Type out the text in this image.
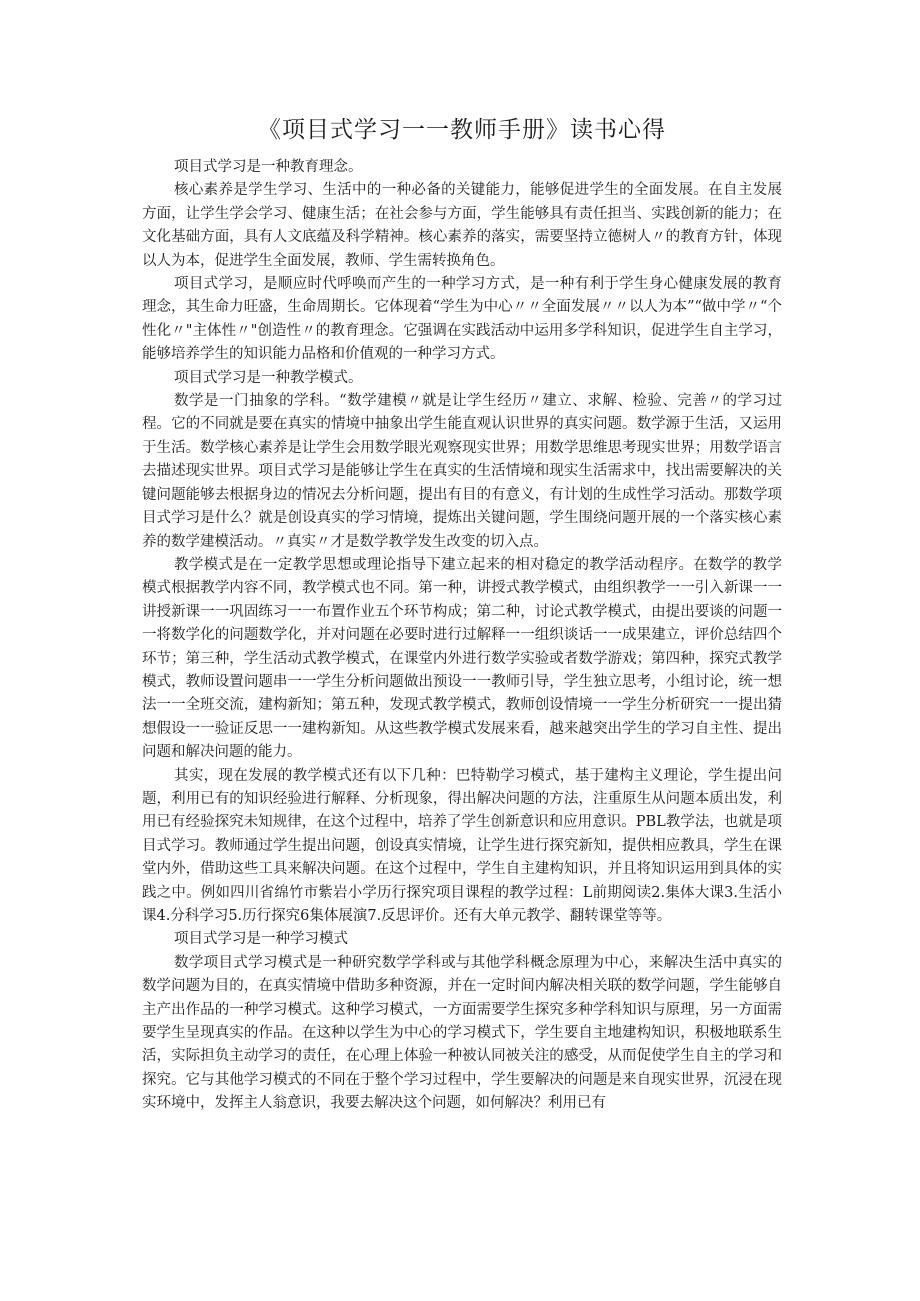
《项目式学习一一教师手册》读书心得

项目式学习是一种教育理念。

核心素养是学生学习、生活中的一种必备的关键能力，能够促进学生的全面发展。在自主发展方面，让学生学会学习、健康生活；在社会参与方面，学生能够具有责任担当、实践创新的能力；在文化基础方面，具有人文底蕴及科学精神。核心素养的落实，需要坚持立德树人〃的教育方针，体现以人为本，促进学生全面发展，教师、学生需转换角色。

项目式学习，是顺应时代呼唤而产生的一种学习方式，是一种有利于学生身心健康发展的教育理念，其生命力旺盛，生命周期长。它体现着“学生为中心〃〃全面发展〃〃以人为本”“做中学〃“个性化〃"主体性〃"创造性〃的教育理念。它强调在实践活动中运用多学科知识，促进学生自主学习，能够培养学生的知识能力品格和价值观的一种学习方式。

项目式学习是一种教学模式。

数学是一门抽象的学科。“数学建模〃就是让学生经历〃建立、求解、检验、完善〃的学习过程。它的不同就是要在真实的情境中抽象出学生能直观认识世界的真实问题。数学源于生活，又运用于生活。数学核心素养是让学生会用数学眼光观察现实世界；用数学思维思考现实世界；用数学语言去描述现实世界。项目式学习是能够让学生在真实的生活情境和现实生活需求中，找出需要解决的关键问题能够去根据身边的情况去分析问题，提出有目的有意义，有计划的生成性学习活动。那数学项目式学习是什么？就是创设真实的学习情境，提炼出关键问题，学生围绕问题开展的一个落实核心素养的数学建模活动。〃真实〃才是数学教学发生改变的切入点。

教学模式是在一定教学思想或理论指导下建立起来的相对稳定的教学活动程序。在数学的教学模式根据教学内容不同，教学模式也不同。第一种，讲授式教学模式，由组织教学一一引入新课一一讲授新课一一巩固练习一一布置作业五个环节构成；第二种，讨论式教学模式，由提出要谈的问题一一将数学化的问题数学化，并对问题在必要时进行过解释一一组织谈话一一成果建立，评价总结四个环节；第三种，学生活动式教学模式，在课堂内外进行数学实验或者数学游戏；第四种，探究式教学模式，教师设置问题串一一学生分析问题做出预设一一教师引导，学生独立思考，小组讨论，统一想法一一全班交流，建构新知；第五种，发现式教学模式，教师创设情境一一学生分析研究一一提出猜想假设一一验证反思一一建构新知。从这些教学模式发展来看，越来越突出学生的学习自主性、提出问题和解决问题的能力。

其实，现在发展的教学模式还有以下几种：巴特勒学习模式，基于建构主义理论，学生提出问题，利用已有的知识经验进行解释、分析现象，得出解决问题的方法，注重原生从问题本质出发，利用已有经验探究未知规律，在这个过程中，培养了学生创新意识和应用意识。PBL教学法，也就是项目式学习。教师通过学生提出问题，创设真实情境，让学生进行探究新知，提供相应教具，学生在课堂内外，借助这些工具来解决问题。在这个过程中，学生自主建构知识，并且将知识运用到具体的实践之中。例如四川省绵竹市紫岩小学历行探究项目课程的教学过程：L前期阅读2.集体大课3.生活小课4.分科学习5.历行探究6集体展演7.反思评价。还有大单元教学、翻转课堂等等。

项目式学习是一种学习模式

数学项目式学习模式是一种研究数学学科或与其他学科概念原理为中心，来解决生活中真实的数学问题为目的，在真实情境中借助多种资源，并在一定时间内解决相关联的数学问题，学生能够自主产出作品的一种学习模式。这种学习模式，一方面需要学生探究多种学科知识与原理，另一方面需要学生呈现真实的作品。在这种以学生为中心的学习模式下，学生要自主地建构知识，积极地联系生活，实际担负主动学习的责任，在心理上体验一种被认同被关注的感受，从而促使学生自主的学习和探究。它与其他学习模式的不同在于整个学习过程中，学生要解决的问题是来自现实世界，沉浸在现实环境中，发挥主人翁意识，我要去解决这个问题，如何解决？利用已有
